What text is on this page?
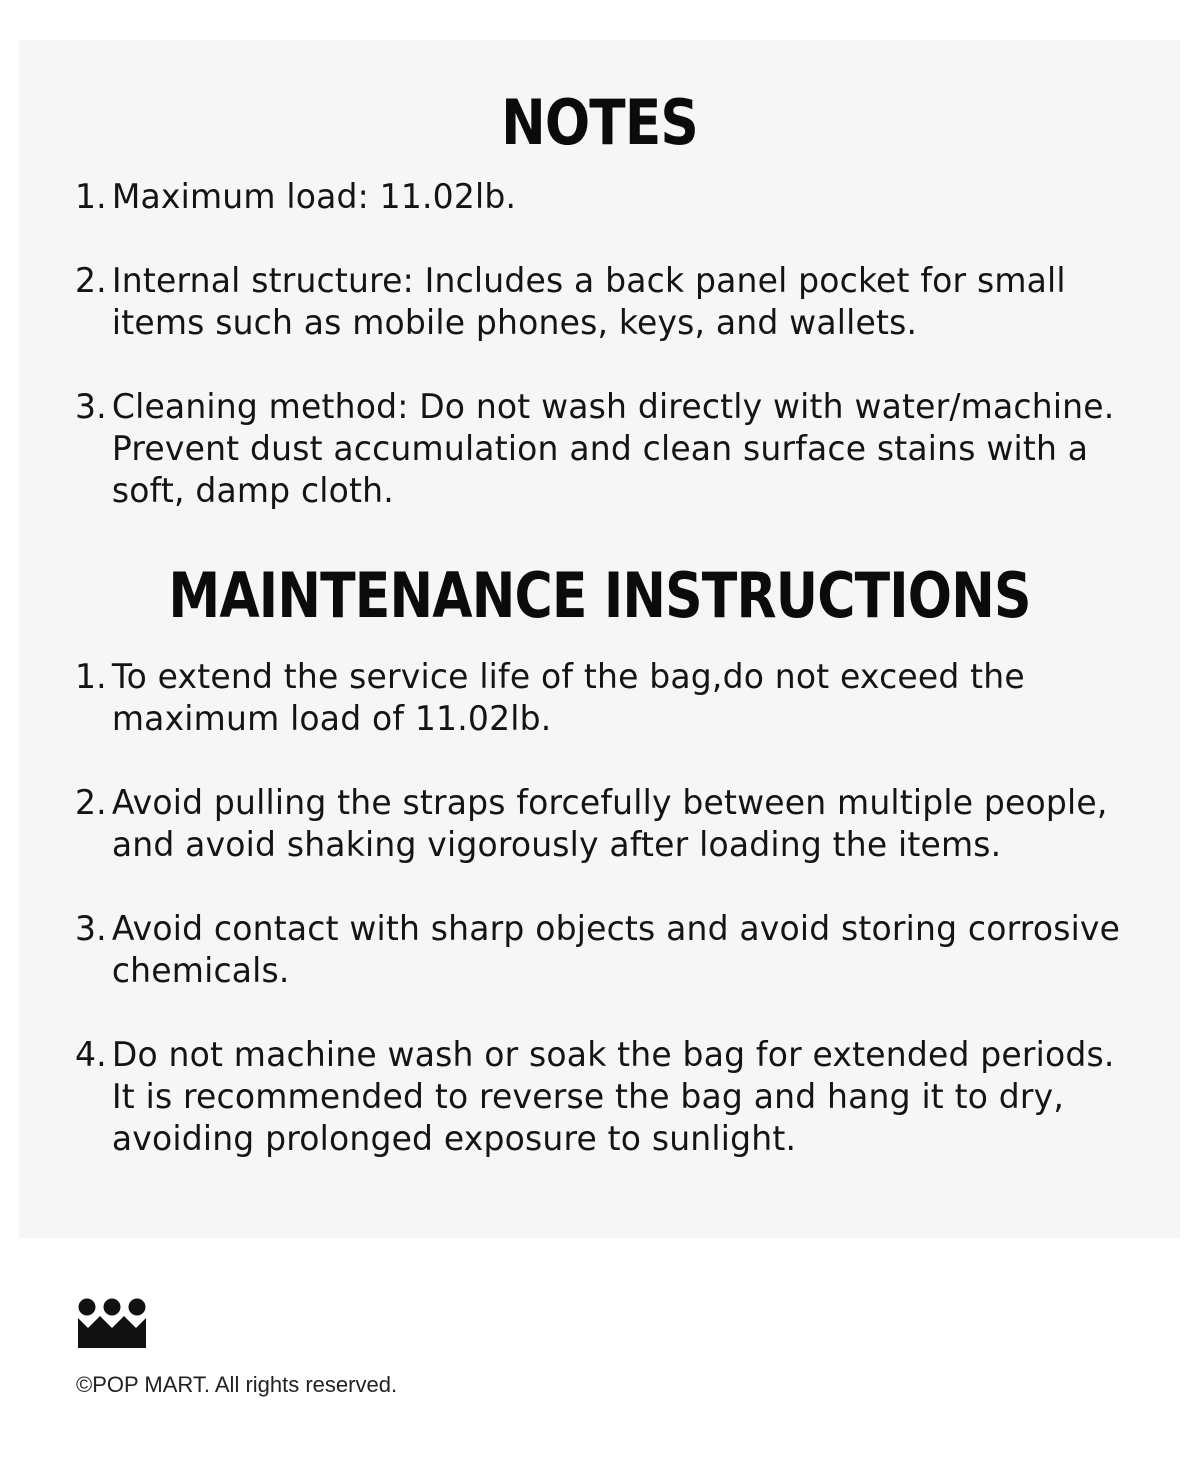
NOTES
1. Maximum load: 11.02lb.
2. Internal structure: Includes a back panel pocket for small
items such as mobile phones, keys, and wallets.
3. Cleaning method: Do not wash directly with water/machine.
Prevent dust accumulation and clean surface stains with a
soft, damp cloth.
MAINTENANCE INSTRUCTIONS
1. To extend the service life of the bag,do not exceed the
maximum load of 11.02lb.
2. Avoid pulling the straps forcefully between multiple people,
and avoid shaking vigorously after loading the items.
3. Avoid contact with sharp objects and avoid storing corrosive
chemicals.
4. Do not machine wash or soak the bag for extended periods.
It is recommended to reverse the bag and hang it to dry,
avoiding prolonged exposure to sunlight.
©POP MART. All rights reserved.
